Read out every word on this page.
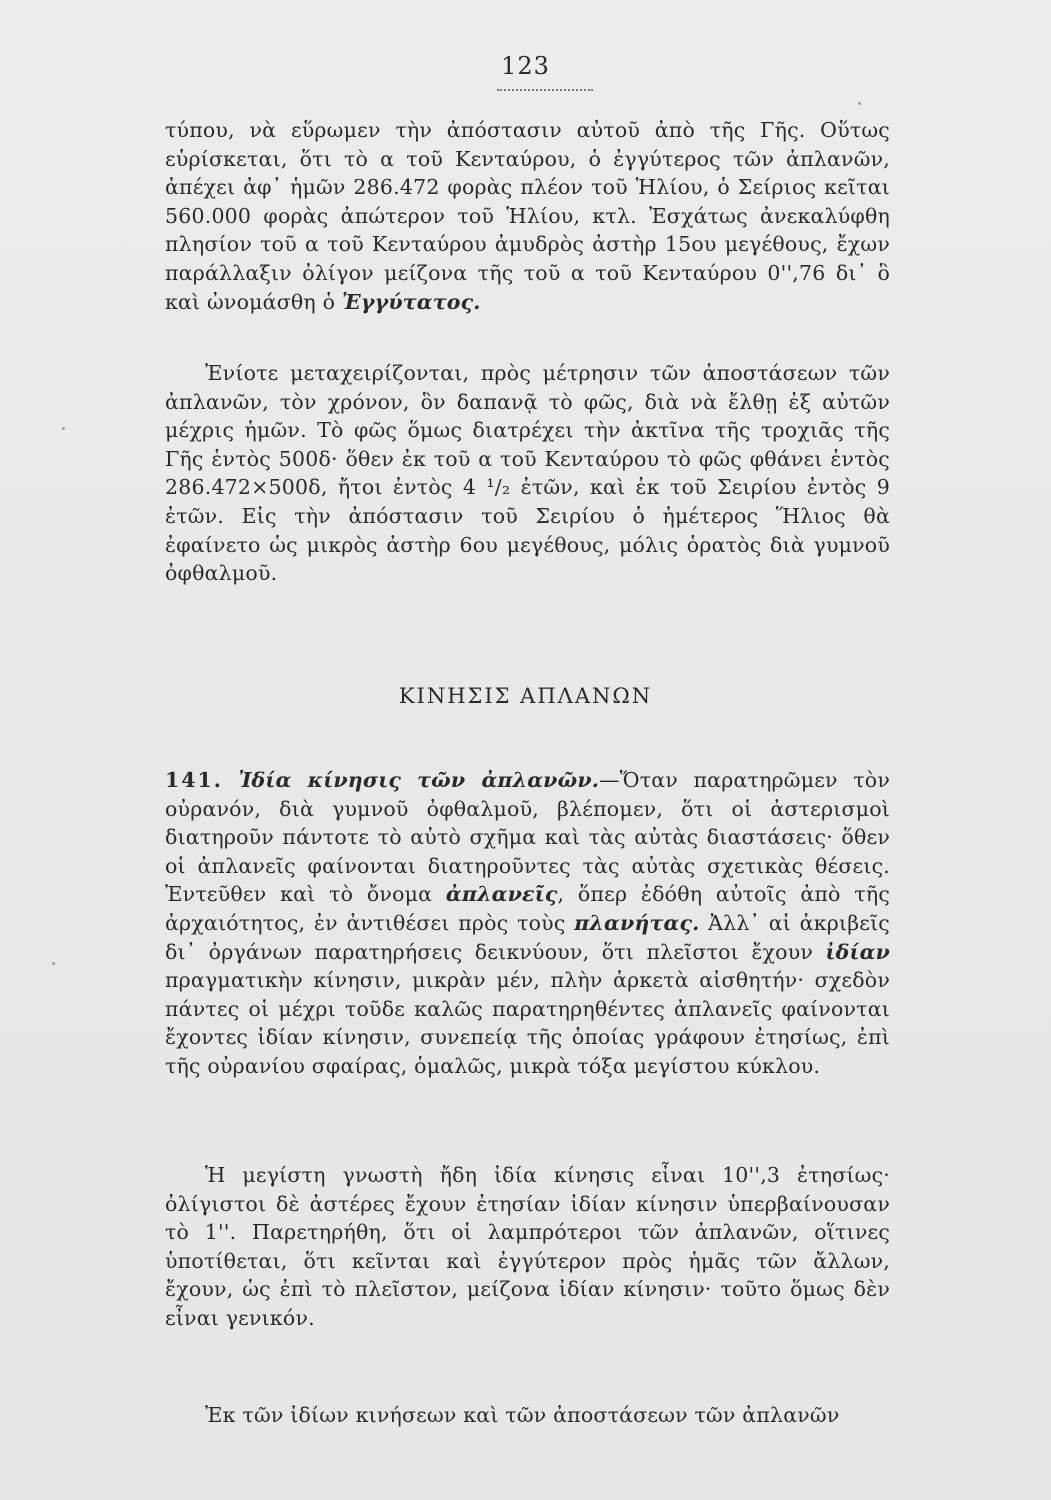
123
τύπου, νὰ εὕρωμεν τὴν ἀπόστασιν αὐτοῦ ἀπὸ τῆς Γῆς. Οὕτως εὑρίσκεται, ὅτι τὸ α τοῦ Κενταύρου, ὁ ἐγγύτερος τῶν ἀπλανῶν, ἀπέχει ἀφ᾽ ἡμῶν 286.472 φορὰς πλέον τοῦ Ἡλίου, ὁ Σείριος κεῖται 560.000 φορὰς ἀπώτερον τοῦ Ἡλίου, κτλ. Ἐσχάτως ἀνεκαλύφθη πλησίον τοῦ α τοῦ Κενταύρου ἀμυδρὸς ἀστὴρ 15ου μεγέθους, ἔχων παράλλαξιν ὀλίγον μείζονα τῆς τοῦ α τοῦ Κενταύρου 0'',76 δι᾽ ὃ καὶ ὠνομάσθη ὁ Ἐγγύτατος.
Ἐνίοτε μεταχειρίζονται, πρὸς μέτρησιν τῶν ἀποστάσεων τῶν ἀπλανῶν, τὸν χρόνον, ὃν δαπανᾷ τὸ φῶς, διὰ νὰ ἔλθῃ ἐξ αὐτῶν μέχρις ἡμῶν. Τὸ φῶς ὅμως διατρέχει τὴν ἀκτῖνα τῆς τροχιᾶς τῆς Γῆς ἐντὸς 500δ· ὅθεν ἐκ τοῦ α τοῦ Κενταύρου τὸ φῶς φθάνει ἐντὸς 286.472×500δ, ἤτοι ἐντὸς 4 ¹/₂ ἐτῶν, καὶ ἐκ τοῦ Σειρίου ἐντὸς 9 ἐτῶν. Εἰς τὴν ἀπόστασιν τοῦ Σειρίου ὁ ἡμέτερος Ἥλιος θὰ ἐφαίνετο ὡς μικρὸς ἀστὴρ 6ου μεγέθους, μόλις ὁρατὸς διὰ γυμνοῦ ὀφθαλμοῦ.
ΚΙΝΗΣΙΣ ΑΠΛΑΝΩΝ
141. Ἰδία κίνησις τῶν ἀπλανῶν.—Ὅταν παρατηρῶμεν τὸν οὐρανόν, διὰ γυμνοῦ ὀφθαλμοῦ, βλέπομεν, ὅτι οἱ ἀστερισμοὶ διατηροῦν πάντοτε τὸ αὐτὸ σχῆμα καὶ τὰς αὐτὰς διαστάσεις· ὅθεν οἱ ἀπλανεῖς φαίνονται διατηροῦντες τὰς αὐτὰς σχετικὰς θέσεις. Ἐντεῦθεν καὶ τὸ ὄνομα ἀπλανεῖς, ὅπερ ἐδόθη αὐτοῖς ἀπὸ τῆς ἀρχαιότητος, ἐν ἀντιθέσει πρὸς τοὺς πλανήτας. Ἀλλ᾽ αἱ ἀκριβεῖς δι᾽ ὀργάνων παρατηρήσεις δεικνύουν, ὅτι πλεῖστοι ἔχουν ἰδίαν πραγματικὴν κίνησιν, μικρὰν μέν, πλὴν ἀρκετὰ αἰσθητήν· σχεδὸν πάντες οἱ μέχρι τοῦδε καλῶς παρατηρηθέντες ἀπλανεῖς φαίνονται ἔχοντες ἰδίαν κίνησιν, συνεπείᾳ τῆς ὁποίας γράφουν ἐτησίως, ἐπὶ τῆς οὐρανίου σφαίρας, ὁμαλῶς, μικρὰ τόξα μεγίστου κύκλου.
Ἡ μεγίστη γνωστὴ ἤδη ἰδία κίνησις εἶναι 10'',3 ἐτησίως· ὀλίγιστοι δὲ ἀστέρες ἔχουν ἐτησίαν ἰδίαν κίνησιν ὑπερβαίνουσαν τὸ 1''. Παρετηρήθη, ὅτι οἱ λαμπρότεροι τῶν ἀπλανῶν, οἵτινες ὑποτίθεται, ὅτι κεῖνται καὶ ἐγγύτερον πρὸς ἡμᾶς τῶν ἄλλων, ἔχουν, ὡς ἐπὶ τὸ πλεῖστον, μείζονα ἰδίαν κίνησιν· τοῦτο ὅμως δὲν εἶναι γενικόν.
Ἐκ τῶν ἰδίων κινήσεων καὶ τῶν ἀποστάσεων τῶν ἀπλανῶν
